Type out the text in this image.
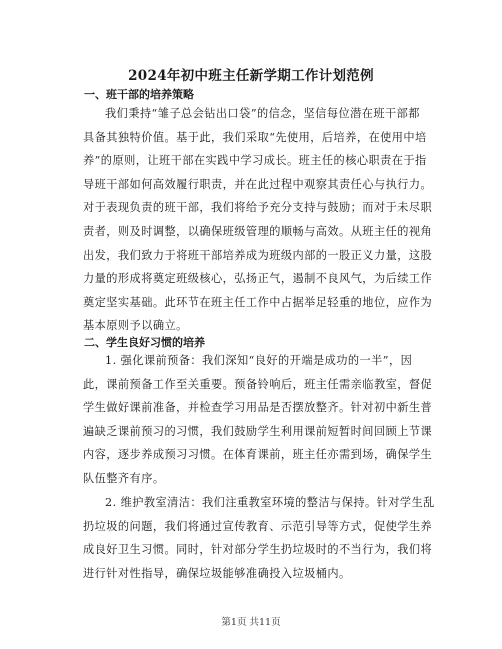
2024年初中班主任新学期工作计划范例
一、班干部的培养策略
我们秉持“雏子总会钻出口袋”的信念，坚信每位潜在班干部都
具备其独特价值。基于此，我们采取“先使用，后培养，在使用中培
养”的原则，让班干部在实践中学习成长。班主任的核心职责在于指
导班干部如何高效履行职责，并在此过程中观察其责任心与执行力。
对于表现负责的班干部，我们将给予充分支持与鼓励；而对于未尽职
责者，则及时调整，以确保班级管理的顺畅与高效。从班主任的视角
出发，我们致力于将班干部培养成为班级内部的一股正义力量，这股
力量的形成将奠定班级核心，弘扬正气，遏制不良风气，为后续工作
奠定坚实基础。此环节在班主任工作中占据举足轻重的地位，应作为
基本原则予以确立。
二、学生良好习惯的培养
1. 强化课前预备：我们深知“良好的开端是成功的一半”，因
此，课前预备工作至关重要。预备铃响后，班主任需亲临教室，督促
学生做好课前准备，并检查学习用品是否摆放整齐。针对初中新生普
遍缺乏课前预习的习惯，我们鼓励学生利用课前短暂时间回顾上节课
内容，逐步养成预习习惯。在体育课前，班主任亦需到场，确保学生
队伍整齐有序。
2. 维护教室清洁：我们注重教室环境的整洁与保持。针对学生乱
扔垃圾的问题，我们将通过宣传教育、示范引导等方式，促使学生养
成良好卫生习惯。同时，针对部分学生扔垃圾时的不当行为，我们将
进行针对性指导，确保垃圾能够准确投入垃圾桶内。
第1页 共11页
